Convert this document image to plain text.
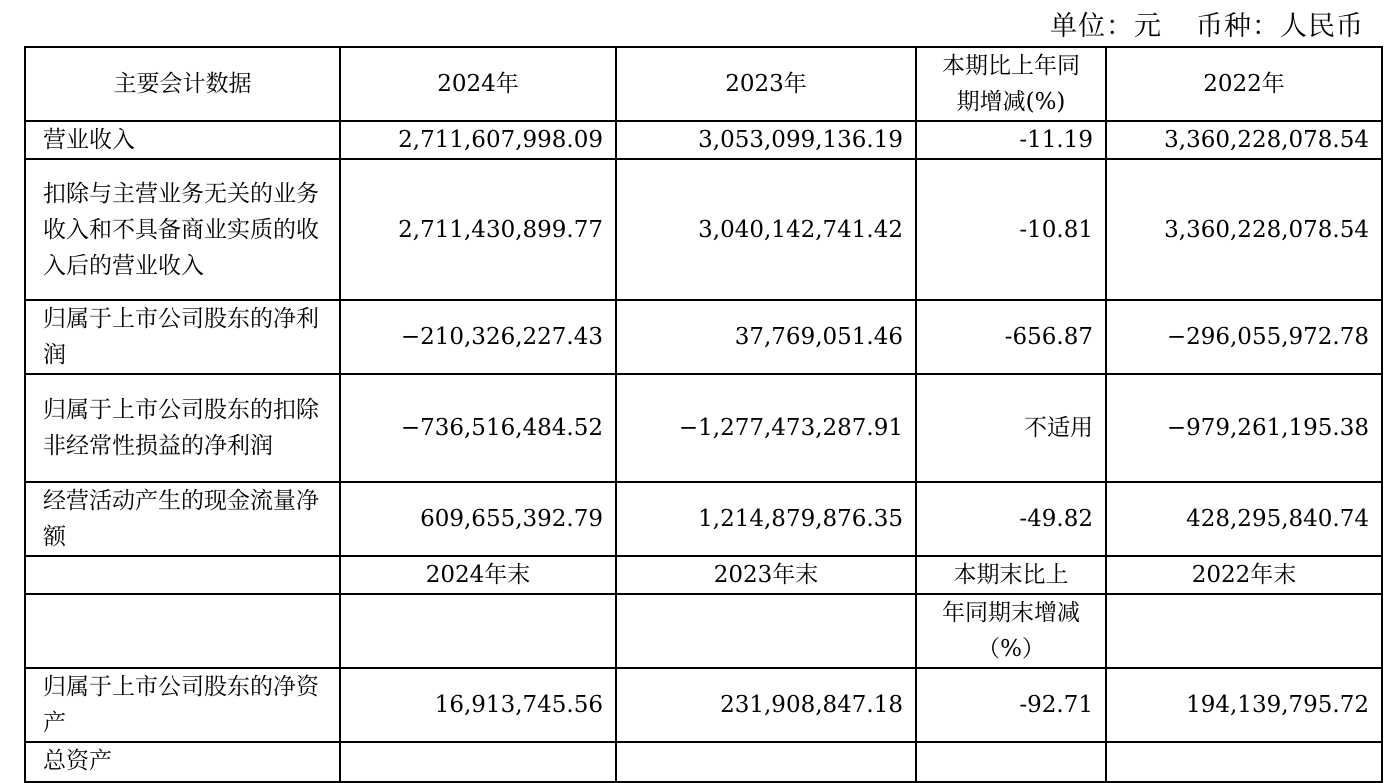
单位：元 币种：人民币
主要会计数据	2024年	2023年	本期比上年同期增减(%)	2022年
营业收入	2,711,607,998.09	3,053,099,136.19	-11.19	3,360,228,078.54
扣除与主营业务无关的业务收入和不具备商业实质的收入后的营业收入	2,711,430,899.77	3,040,142,741.42	-10.81	3,360,228,078.54
归属于上市公司股东的净利润	−210,326,227.43	37,769,051.46	-656.87	−296,055,972.78
归属于上市公司股东的扣除非经常性损益的净利润	−736,516,484.52	−1,277,473,287.91	不适用	−979,261,195.38
经营活动产生的现金流量净额	609,655,392.79	1,214,879,876.35	-49.82	428,295,840.74
	2024年末	2023年末	本期末比上	2022年末
			年同期末增减（%）	
归属于上市公司股东的净资产	16,913,745.56	231,908,847.18	-92.71	194,139,795.72
总资产				
